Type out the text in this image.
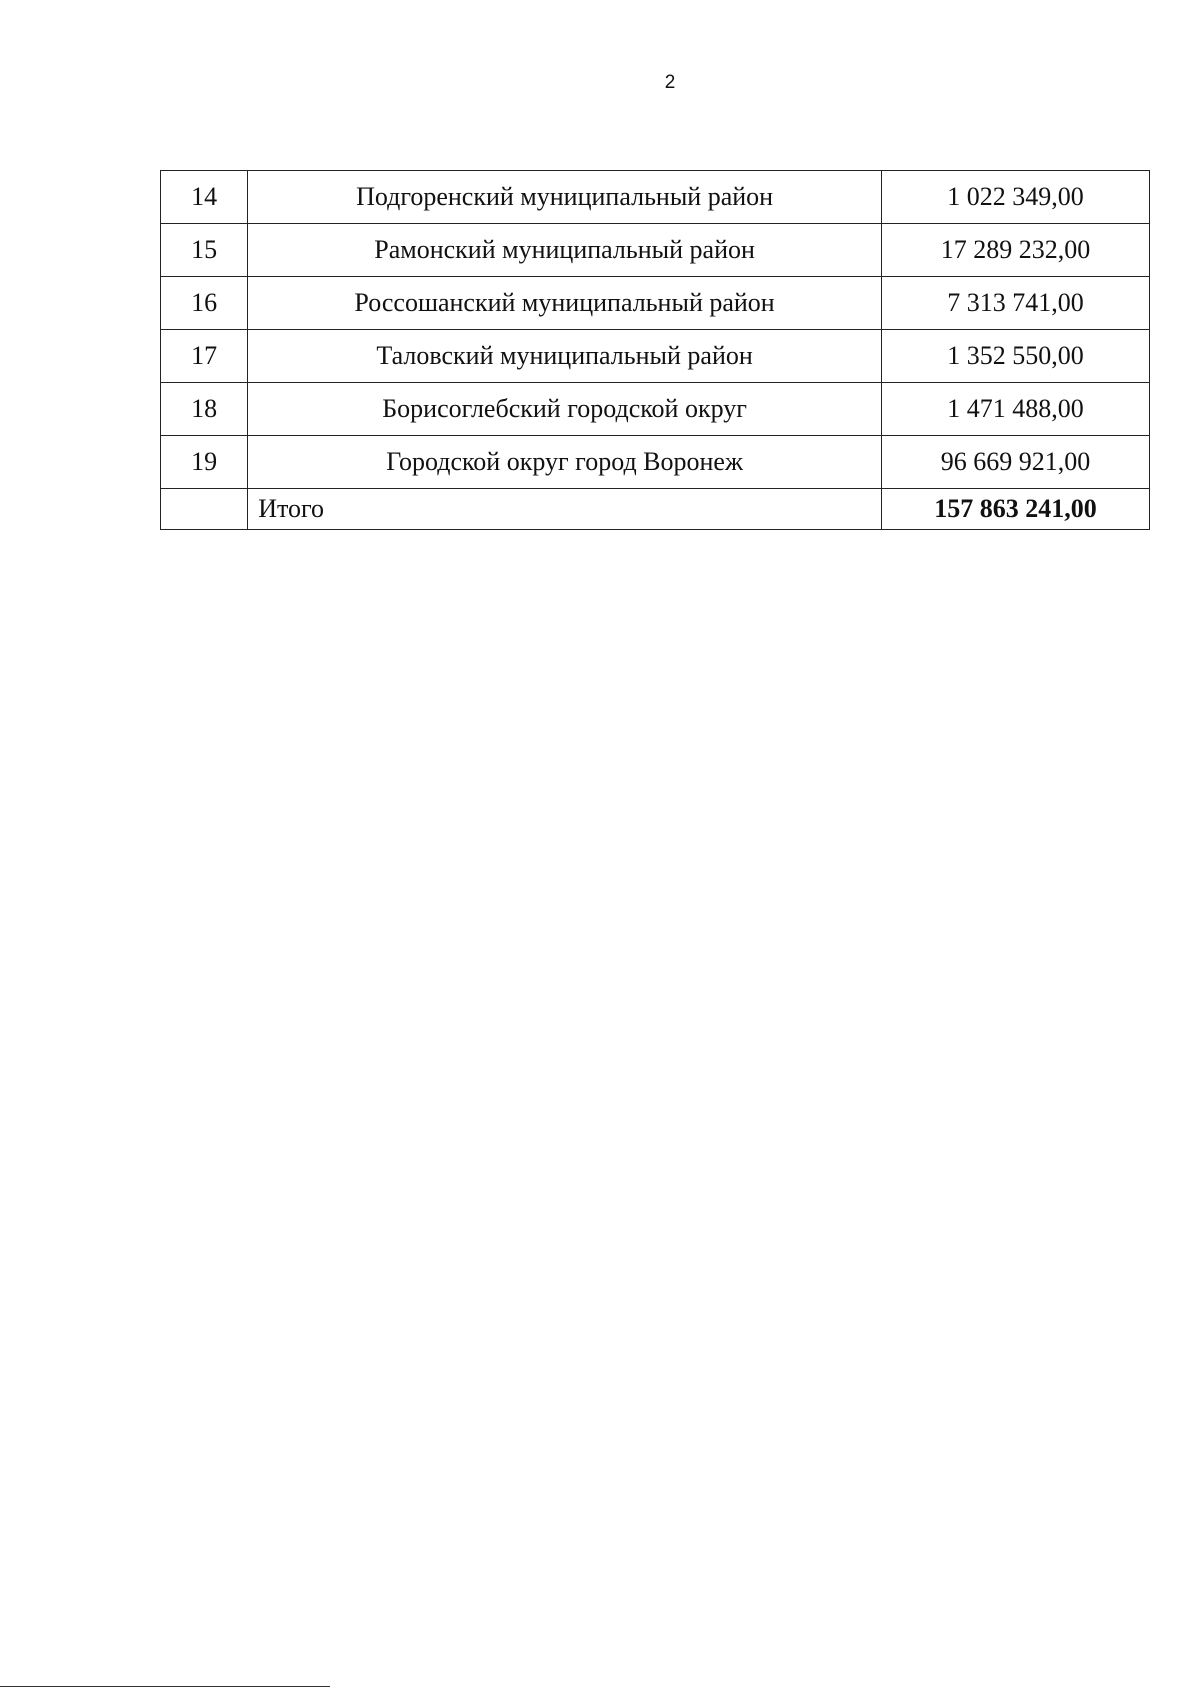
2
14	Подгоренский муниципальный район	1 022 349,00
15	Рамонский муниципальный район	17 289 232,00
16	Россошанский муниципальный район	7 313 741,00
17	Таловский муниципальный район	1 352 550,00
18	Борисоглебский городской округ	1 471 488,00
19	Городской округ город Воронеж	96 669 921,00
	Итого	157 863 241,00
